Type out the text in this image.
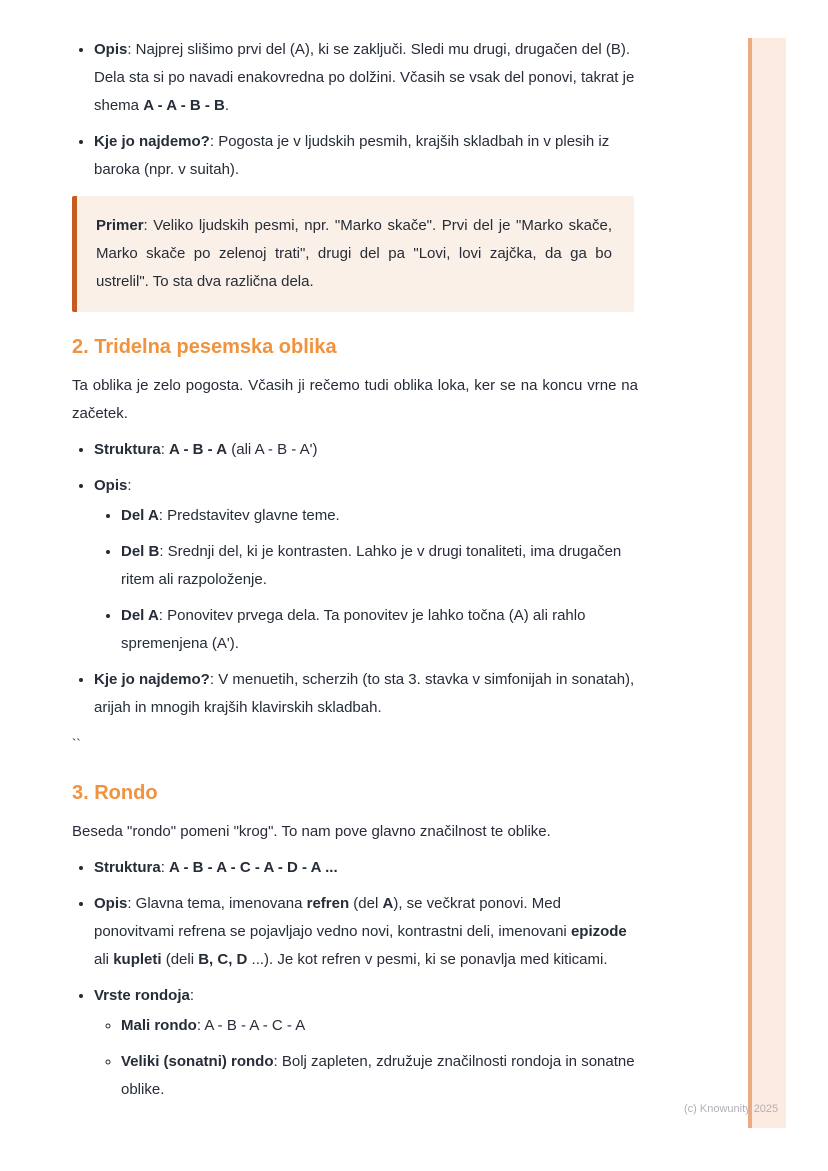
• Opis: Najprej slišimo prvi del (A), ki se zaključi. Sledi mu drugi, drugačen del (B). Dela sta si po navadi enakovredna po dolžini. Včasih se vsak del ponovi, takrat je shema A - A - B - B.
• Kje jo najdemo?: Pogosta je v ljudskih pesmih, krajših skladbah in v plesih iz baroka (npr. v suitah).
Primer: Veliko ljudskih pesmi, npr. "Marko skače". Prvi del je "Marko skače, Marko skače po zelenoj trati", drugi del pa "Lovi, lovi zajčka, da ga bo ustrelil". To sta dva različna dela.
2. Tridelna pesemska oblika

Ta oblika je zelo pogosta. Včasih ji rečemo tudi oblika loka, ker se na koncu vrne na začetek.

• Struktura: A - B - A (ali A - B - A')
• Opis:
• Del A: Predstavitev glavne teme.
• Del B: Srednji del, ki je kontrasten. Lahko je v drugi tonaliteti, ima drugačen ritem ali razpoloženje.
• Del A: Ponovitev prvega dela. Ta ponovitev je lahko točna (A) ali rahlo spremenjena (A').
• Kje jo najdemo?: V menuetih, scherzih (to sta 3. stavka v simfonijah in sonatah), arijah in mnogih krajših klavirskih skladbah.

``

3. Rondo

Beseda "rondo" pomeni "krog". To nam pove glavno značilnost te oblike.

• Struktura: A - B - A - C - A - D - A ...
• Opis: Glavna tema, imenovana refren (del A), se večkrat ponovi. Med ponovitvami refrena se pojavljajo vedno novi, kontrastni deli, imenovani epizode ali kupleti (deli B, C, D ...). Je kot refren v pesmi, ki se ponavlja med kiticami.
• Vrste rondoja:
◦ Mali rondo: A - B - A - C - A
◦ Veliki (sonatni) rondo: Bolj zapleten, združuje značilnosti rondoja in sonatne oblike.
(c) Knowunity 2025
